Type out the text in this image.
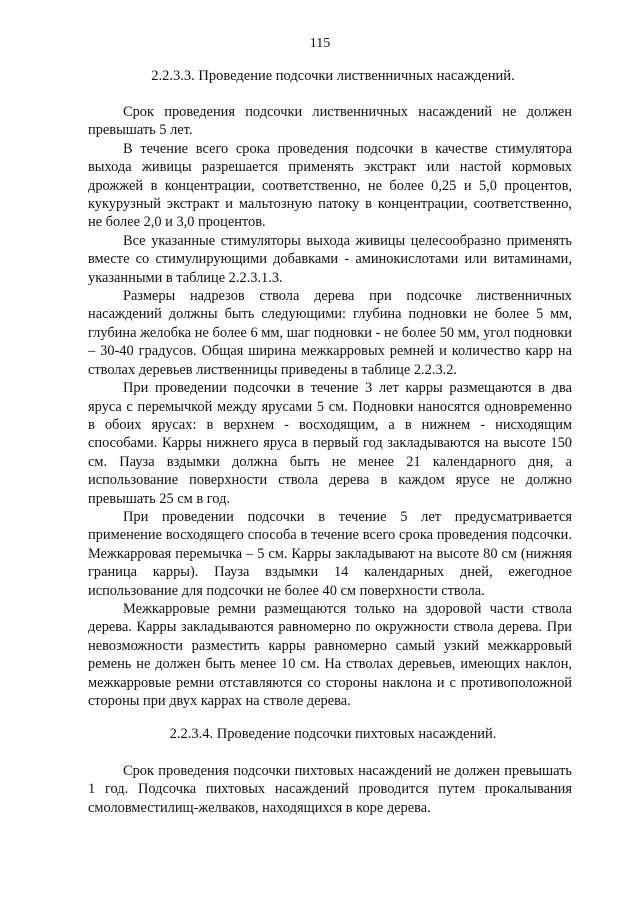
115
2.2.3.3. Проведение подсочки лиственничных насаждений.

Срок проведения подсочки лиственничных насаждений не должен превышать 5 лет.

В течение всего срока проведения подсочки в качестве стимулятора выхода живицы разрешается применять экстракт или настой кормовых дрожжей в концентрации, соответственно, не более 0,25 и 5,0 процентов, кукурузный экстракт и мальтозную патоку в концентрации, соответственно, не более 2,0 и 3,0 процентов.

Все указанные стимуляторы выхода живицы целесообразно применять вместе со стимулирующими добавками - аминокислотами или витаминами, указанными в таблице 2.2.3.1.3.

Размеры надрезов ствола дерева при подсочке лиственничных насаждений должны быть следующими: глубина подновки не более 5 мм, глубина желобка не более 6 мм, шаг подновки - не более 50 мм, угол подновки – 30-40 градусов. Общая ширина межкарровых ремней и количество карр на стволах деревьев лиственницы приведены в таблице 2.2.3.2.

При проведении подсочки в течение 3 лет карры размещаются в два яруса с перемычкой между ярусами 5 см. Подновки наносятся одновременно в обоих ярусах: в верхнем - восходящим, а в нижнем - нисходящим способами. Карры нижнего яруса в первый год закладываются на высоте 150 см. Пауза вздымки должна быть не менее 21 календарного дня, а использование поверхности ствола дерева в каждом ярусе не должно превышать 25 см в год.

При проведении подсочки в течение 5 лет предусматривается применение восходящего способа в течение всего срока проведения подсочки. Межкарровая перемычка – 5 см. Карры закладывают на высоте 80 см (нижняя граница карры). Пауза вздымки 14 календарных дней, ежегодное использование для подсочки не более 40 см поверхности ствола.

Межкарровые ремни размещаются только на здоровой части ствола дерева. Карры закладываются равномерно по окружности ствола дерева. При невозможности разместить карры равномерно самый узкий межкарровый ремень не должен быть менее 10 см. На стволах деревьев, имеющих наклон, межкарровые ремни отставляются со стороны наклона и с противоположной стороны при двух каррах на стволе дерева.

2.2.3.4. Проведение подсочки пихтовых насаждений.

Срок проведения подсочки пихтовых насаждений не должен превышать 1 год. Подсочка пихтовых насаждений проводится путем прокалывания смоловместилищ-желваков, находящихся в коре дерева.
